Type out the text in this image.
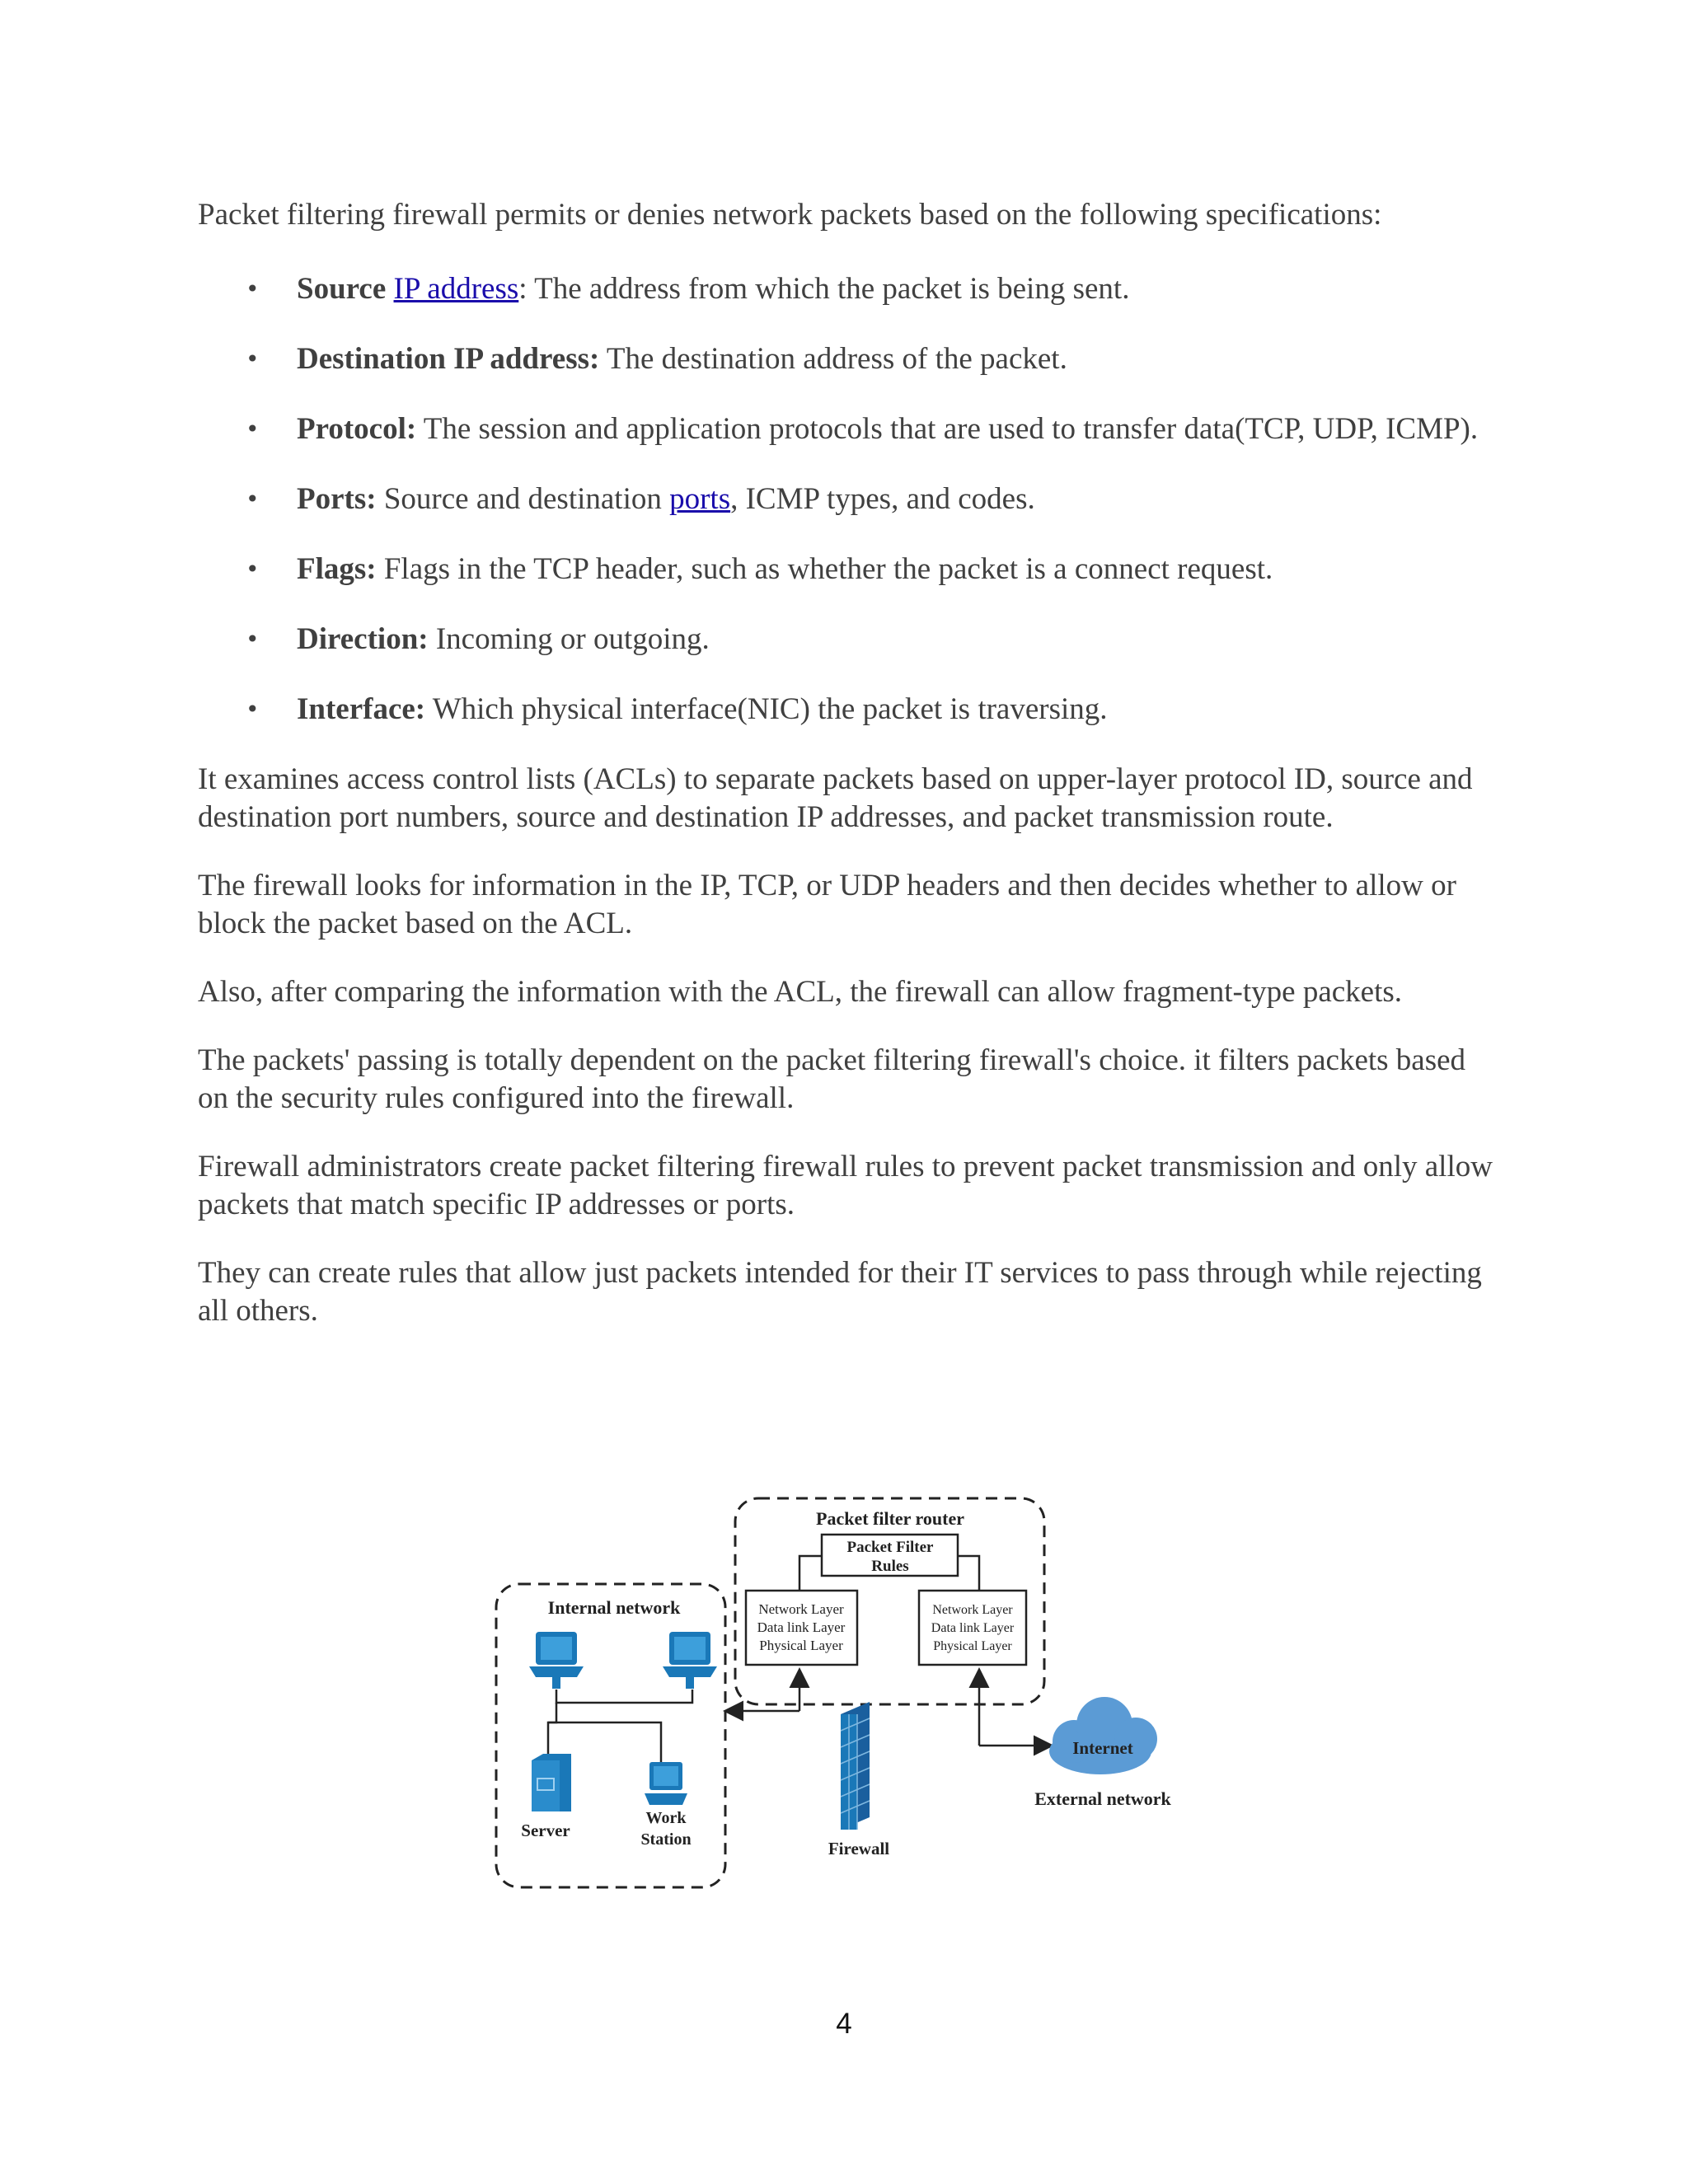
Packet filtering firewall permits or denies network packets based on the following specifications:

• Source IP address: The address from which the packet is being sent.
• Destination IP address: The destination address of the packet.
• Protocol: The session and application protocols that are used to transfer data(TCP, UDP, ICMP).
• Ports: Source and destination ports, ICMP types, and codes.
• Flags: Flags in the TCP header, such as whether the packet is a connect request.
• Direction: Incoming or outgoing.
• Interface: Which physical interface(NIC) the packet is traversing.

It examines access control lists (ACLs) to separate packets based on upper-layer protocol ID, source and destination port numbers, source and destination IP addresses, and packet transmission route.

The firewall looks for information in the IP, TCP, or UDP headers and then decides whether to allow or block the packet based on the ACL.

Also, after comparing the information with the ACL, the firewall can allow fragment-type packets.

The packets' passing is totally dependent on the packet filtering firewall's choice. it filters packets based on the security rules configured into the firewall.

Firewall administrators create packet filtering firewall rules to prevent packet transmission and only allow packets that match specific IP addresses or ports.

They can create rules that allow just packets intended for their IT services to pass through while rejecting all others.

Packet filter router
Packet Filter
Rules
Network Layer
Data link Layer
Physical Layer
Network Layer
Data link Layer
Physical Layer
Internal network
Server
Work
Station	Firewall
Internet
External network
4
